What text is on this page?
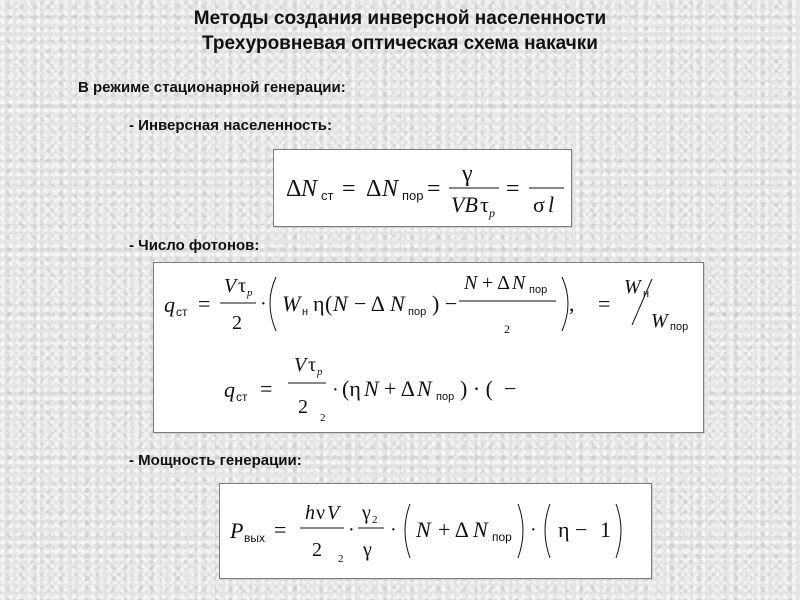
Методы создания инверсной населенности
Трехуровневая оптическая схема накачки
В режиме стационарной генерации:
- Инверсная населенность:
- Число фотонов:
- Мощность генерации:
Δ N ст = Δ N пор =
γ
VB τ p
=
σ l
q ст =
V τ p
2
· W н η ( N − Δ N пор ) −
N + Δ N пор
2
, =
W н
W пор
q ст =
V τ p
2 2
· (η N + Δ N пор ) · ( −
P вых =
h ν V
2 2
·
γ 2
γ
· N + Δ N пор · η − 1
